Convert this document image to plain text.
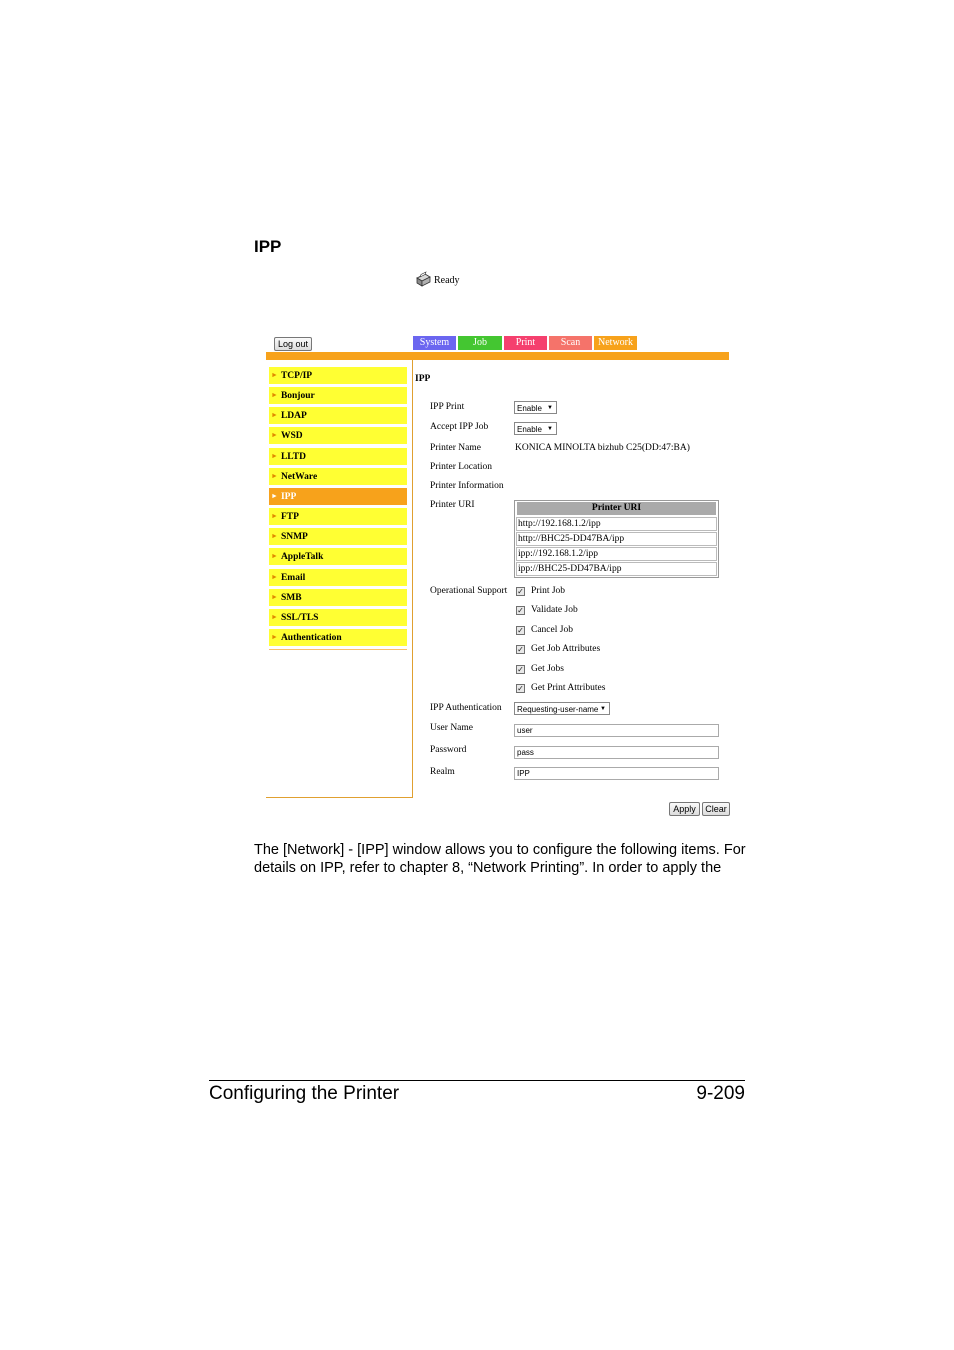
IPP
Ready
Log out	System	Job	Print	Scan	Network
IPP
IPP Print	Enable ▼
Accept IPP Job	Enable ▼
Printer Name	KONICA MINOLTA bizhub C25(DD:47:BA)
Printer Location
Printer Information
Printer URI	Printer URI
http://192.168.1.2/ipp
http://BHC25-DD47BA/ipp
ipp://192.168.1.2/ipp
ipp://BHC25-DD47BA/ipp
Operational Support ✓ Print Job
✓ Validate Job
✓ Cancel Job
✓ Get Job Attributes
✓ Get Jobs
✓ Get Print Attributes
IPP Authentication	Requesting-user-name ▼
User Name	user
Password	pass
Realm	IPP
Apply	Clear
The [Network] - [IPP] window allows you to configure the following items. For details on IPP, refer to chapter 8, “Network Printing”. In order to apply the
Configuring the Printer	9-209
► TCP/IP
► Bonjour
► LDAP
► WSD
► LLTD
► NetWare
► IPP
► FTP
► SNMP
► AppleTalk
► Email
► SMB
► SSL/TLS
► Authentication
